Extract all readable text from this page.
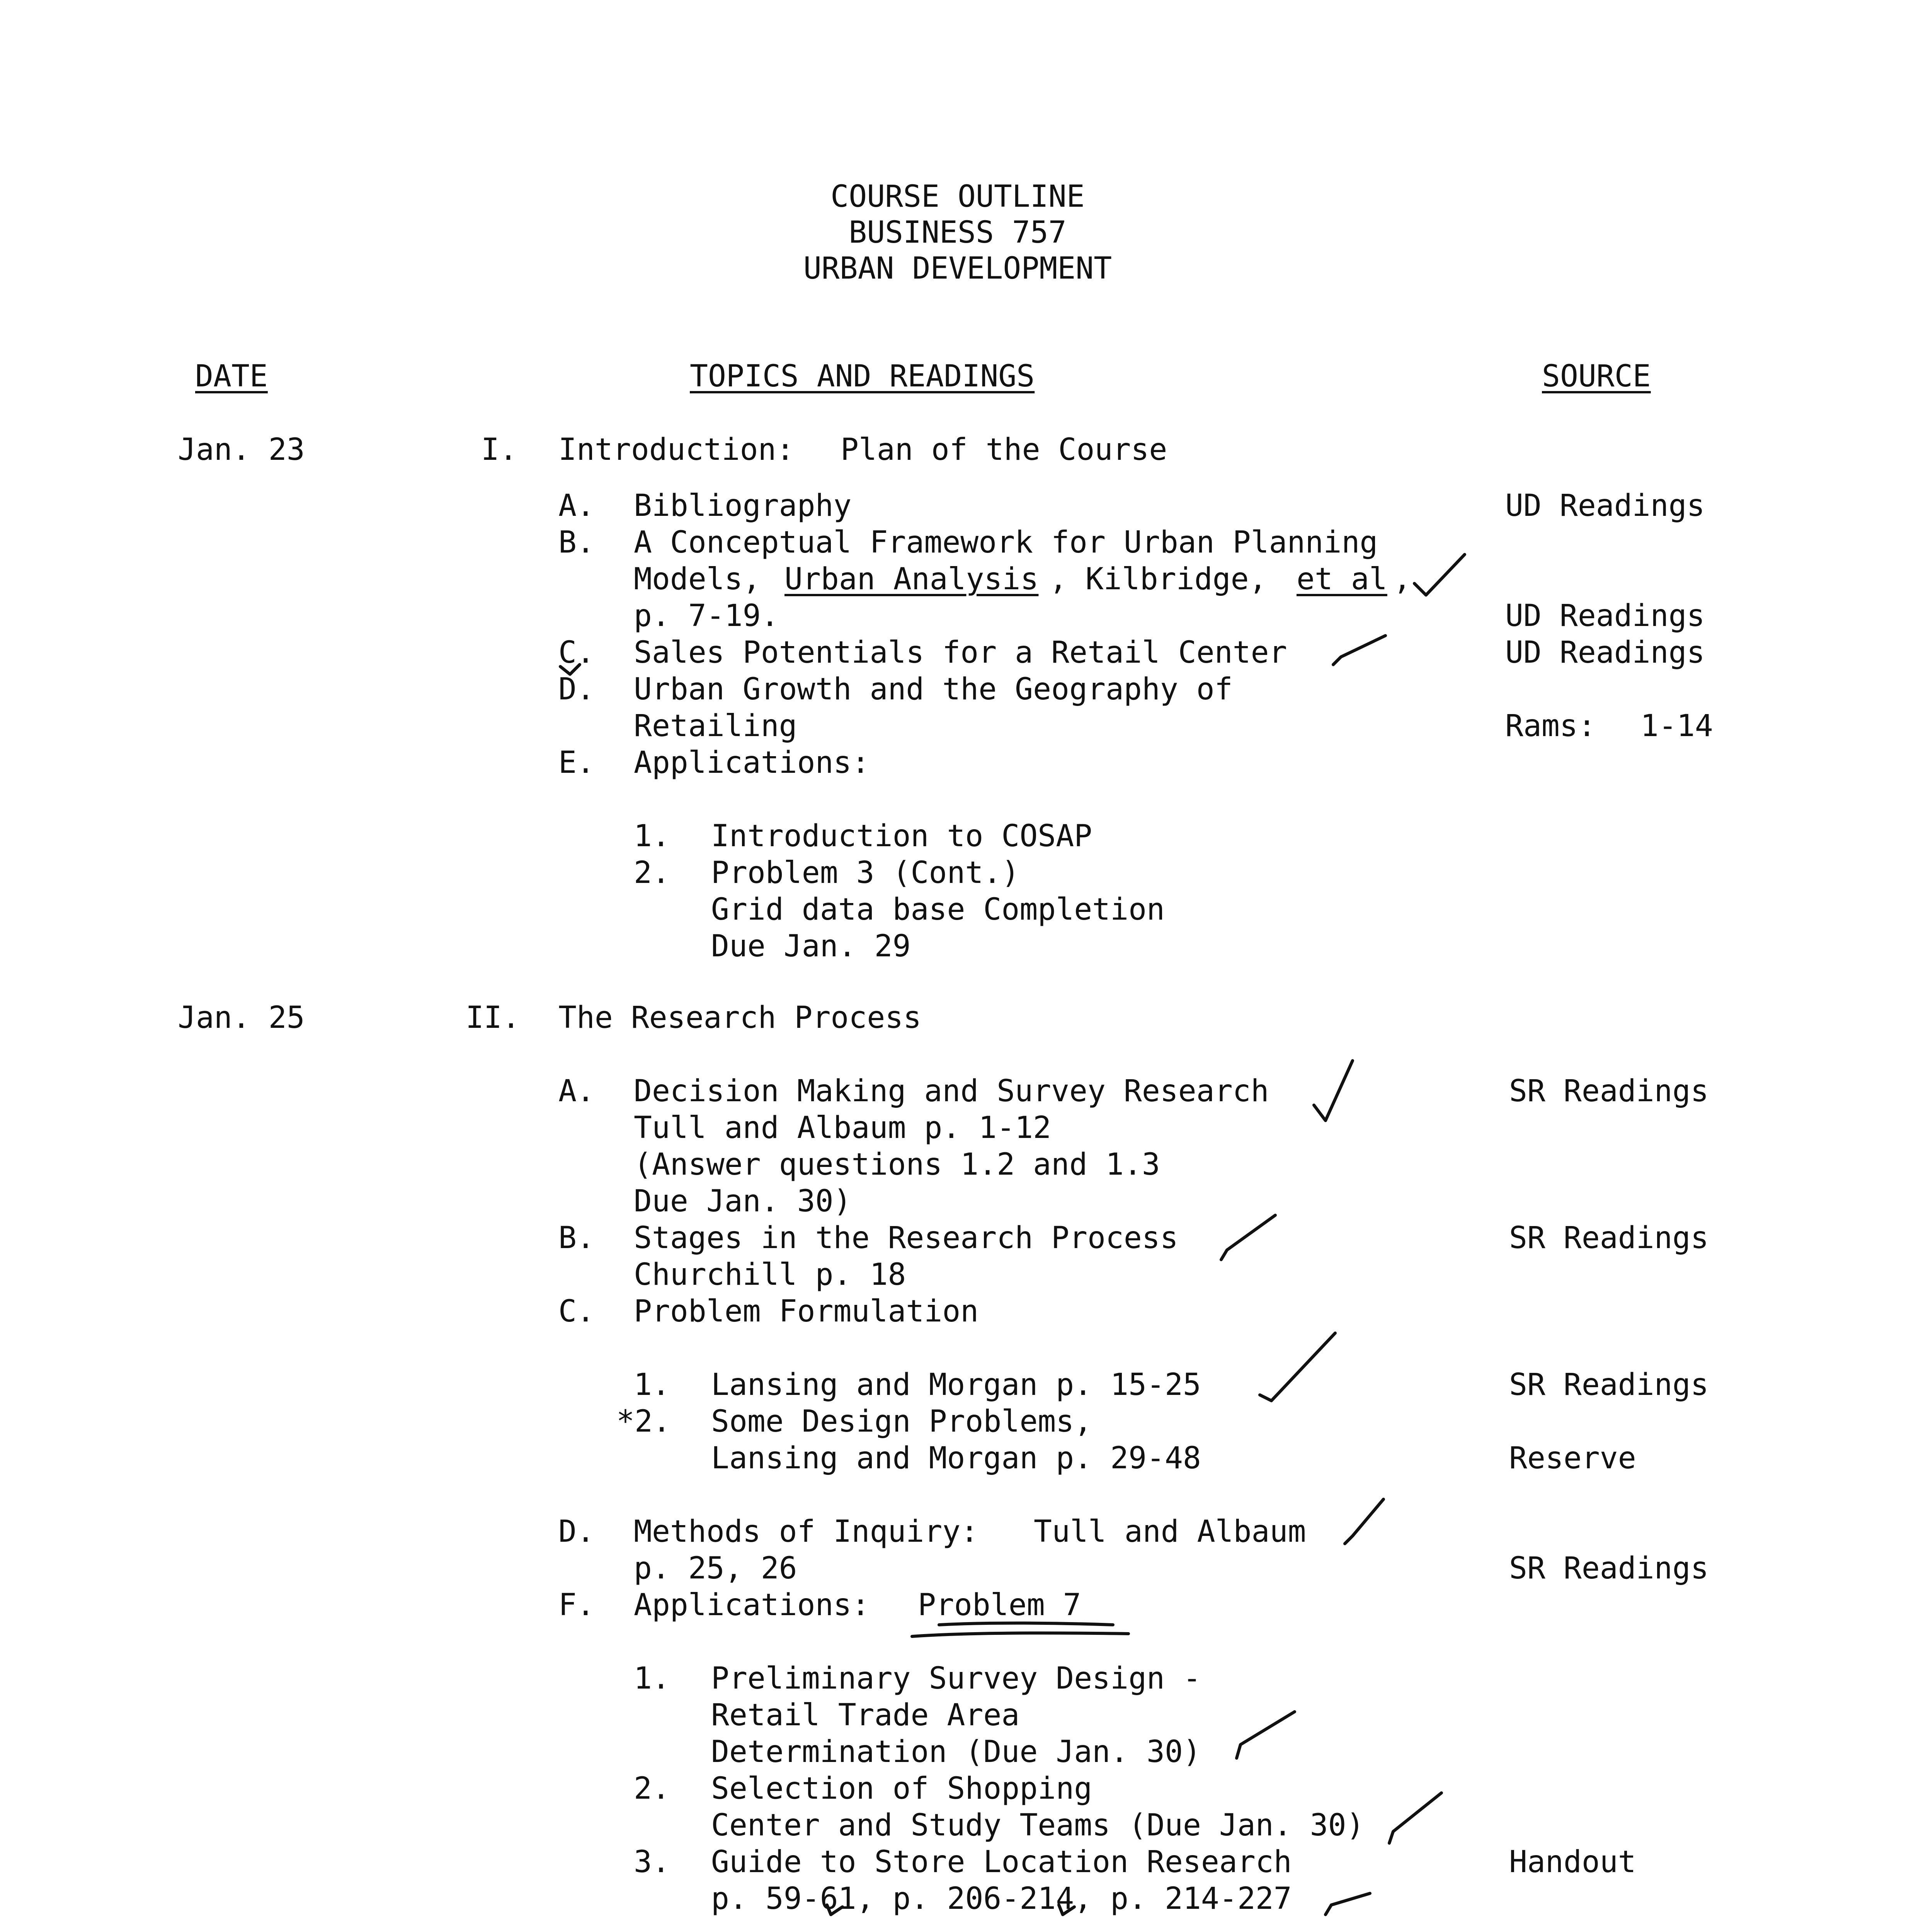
COURSE OUTLINE
BUSINESS 757
URBAN DEVELOPMENT
DATE	TOPICS AND READINGS	SOURCE
Jan. 23	I. Introduction: Plan of the Course
A. Bibliography	UD Readings
B. A Conceptual Framework for Urban Planning
Models, Urban Analysis , Kilbridge, et al ,
p. 7-19.	UD Readings
C. Sales Potentials for a Retail Center	UD Readings
D. Urban Growth and the Geography of
Retailing	Rams: 1-14
E. Applications:
1. Introduction to COSAP
2. Problem 3 (Cont.)
Grid data base Completion
Due Jan. 29
Jan. 25	II. The Research Process
A. Decision Making and Survey Research	SR Readings
Tull and Albaum p. 1-12
(Answer questions 1.2 and 1.3
Due Jan. 30)
B. Stages in the Research Process	SR Readings
Churchill p. 18
C. Problem Formulation
1. Lansing and Morgan p. 15-25	SR Readings
*2. Some Design Problems,
Lansing and Morgan p. 29-48	Reserve
D. Methods of Inquiry: Tull and Albaum
p. 25, 26	SR Readings
F. Applications: Problem 7
1. Preliminary Survey Design -
Retail Trade Area
Determination (Due Jan. 30)
2. Selection of Shopping
Center and Study Teams (Due Jan. 30)
3. Guide to Store Location Research	Handout
p. 59-61, p. 206-214, p. 214-227
